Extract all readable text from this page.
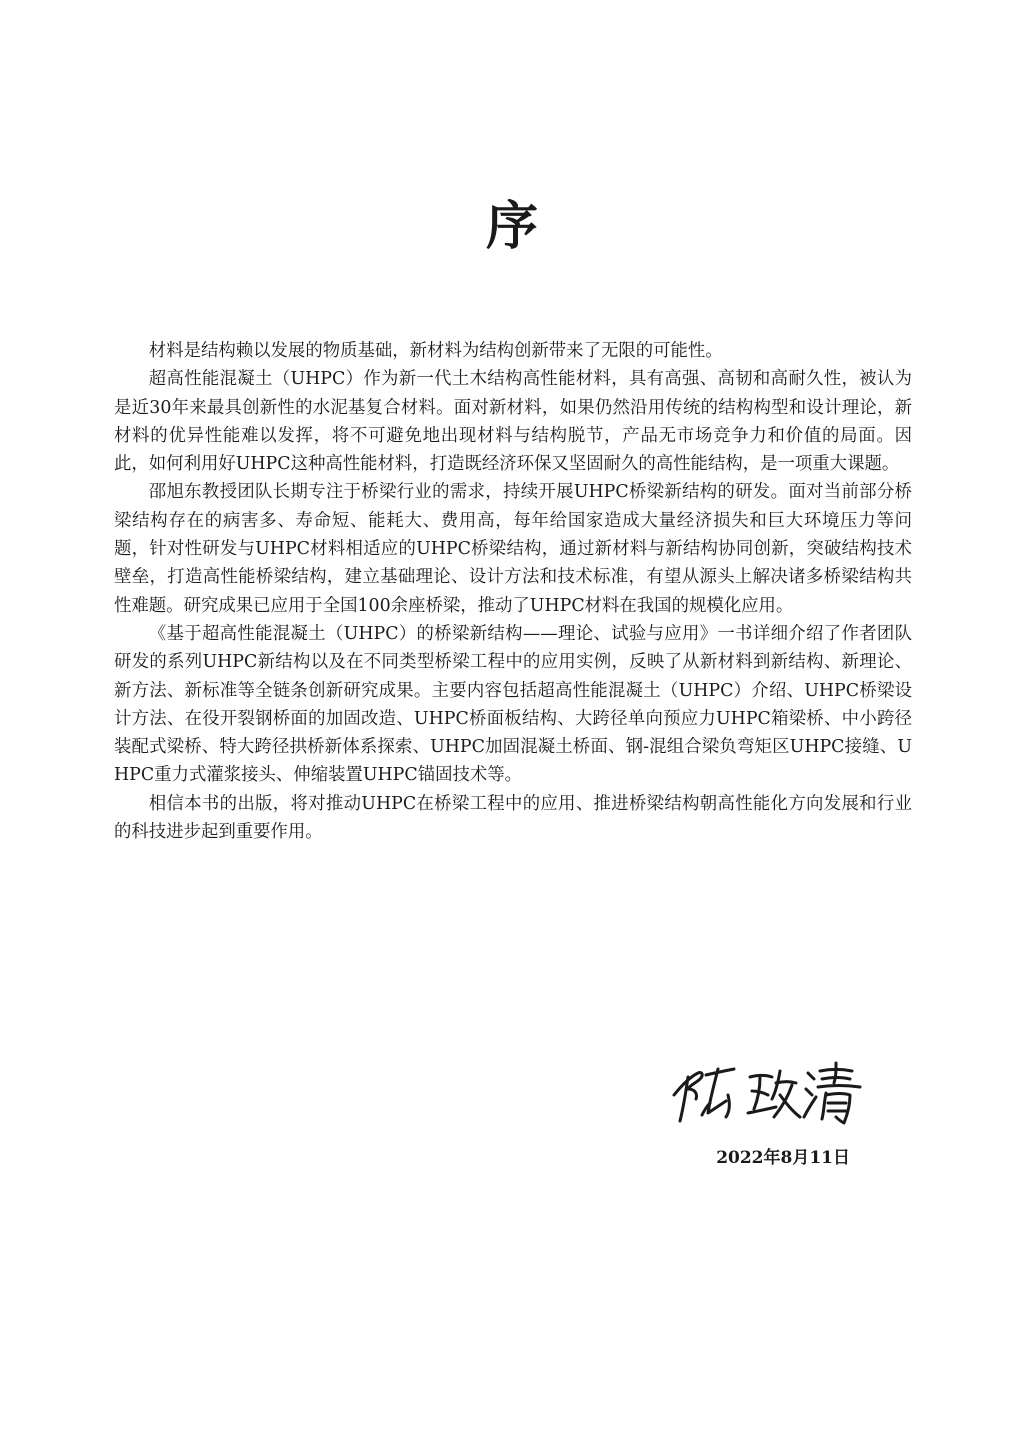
序

材料是结构赖以发展的物质基础，新材料为结构创新带来了无限的可能性。

超高性能混凝土（UHPC）作为新一代土木结构高性能材料，具有高强、高韧和高耐久性，被认为是近30年来最具创新性的水泥基复合材料。面对新材料，如果仍然沿用传统的结构构型和设计理论，新材料的优异性能难以发挥，将不可避免地出现材料与结构脱节，产品无市场竞争力和价值的局面。因此，如何利用好UHPC这种高性能材料，打造既经济环保又坚固耐久的高性能结构，是一项重大课题。

邵旭东教授团队长期专注于桥梁行业的需求，持续开展UHPC桥梁新结构的研发。面对当前部分桥梁结构存在的病害多、寿命短、能耗大、费用高，每年给国家造成大量经济损失和巨大环境压力等问题，针对性研发与UHPC材料相适应的UHPC桥梁结构，通过新材料与新结构协同创新，突破结构技术壁垒，打造高性能桥梁结构，建立基础理论、设计方法和技术标准，有望从源头上解决诸多桥梁结构共性难题。研究成果已应用于全国100余座桥梁，推动了UHPC材料在我国的规模化应用。

《基于超高性能混凝土（UHPC）的桥梁新结构——理论、试验与应用》一书详细介绍了作者团队研发的系列UHPC新结构以及在不同类型桥梁工程中的应用实例，反映了从新材料到新结构、新理论、新方法、新标准等全链条创新研究成果。主要内容包括超高性能混凝土（UHPC）介绍、UHPC桥梁设计方法、在役开裂钢桥面的加固改造、UHPC桥面板结构、大跨径单向预应力UHPC箱梁桥、中小跨径装配式梁桥、特大跨径拱桥新体系探索、UHPC加固混凝土桥面、钢-混组合梁负弯矩区UHPC接缝、UHPC重力式灌浆接头、伸缩装置UHPC锚固技术等。

相信本书的出版，将对推动UHPC在桥梁工程中的应用、推进桥梁结构朝高性能化方向发展和行业的科技进步起到重要作用。

2022年8月11日
